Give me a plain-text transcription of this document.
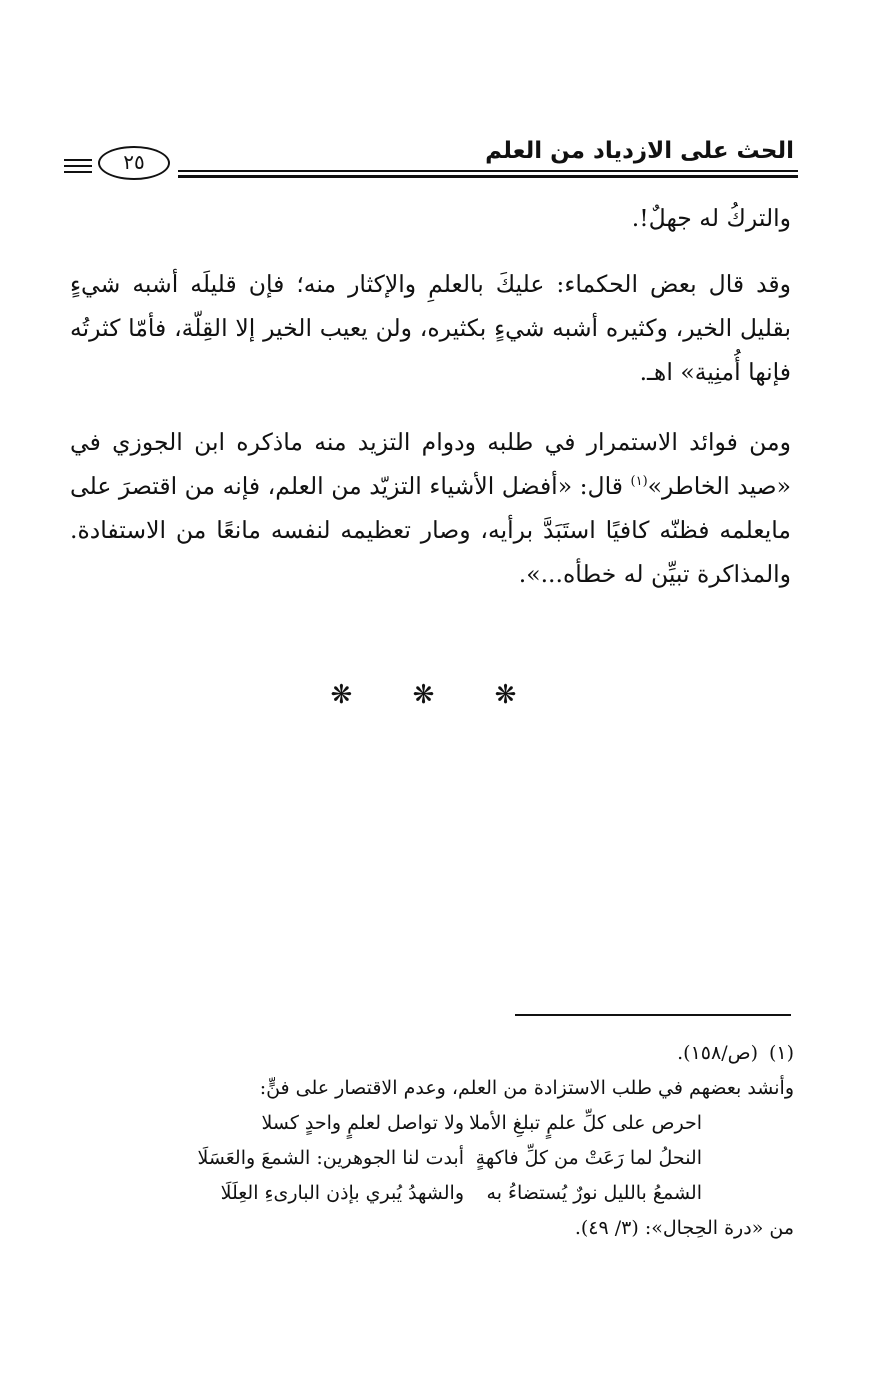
الحث على الازدياد من العلم
٢٥

والتركُ له جهلٌ!.

وقد قال بعض الحكماء: عليكَ بالعلمِ والإكثار منه؛ فإن قليلَه أشبه شيءٍ بقليل الخير، وكثيره أشبه شيءٍ بكثيره، ولن يعيب الخير إلا القِلّة، فأمّا كثرتُه فإنها أُمنِية» اهـ.

ومن فوائد الاستمرار في طلبه ودوام التزيد منه ماذكره ابن الجوزي في «صيد الخاطر»$^{(١)}$ قال: «أفضل الأشياء التزيّد من العلم، فإنه من اقتصرَ على مايعلمه فظنّه كافيًا استَبَدَّ برأيه، وصار تعظيمه لنفسه مانعًا من الاستفادة. والمذاكرة تبيِّن له خطأه...».

❋ ❋ ❋

(١)(ص/١٥٨).

وأنشد بعضهم في طلب الاستزادة من العلم، وعدم الاقتصار على فنٍّ:

احرص على كلِّ علمٍ تبلغِ الأملا
ولا تواصل لعلمٍ واحدٍ كسلا
النحلُ لما رَعَتْ من كلِّ فاكهةٍ
أبدت لنا الجوهرين: الشمعَ والعَسَلَا
الشمعُ بالليل نورٌ يُستضاءُ به
والشهدُ يُبري بإذن البارىءِ العِلَلَا

من «درة الحِجال»: (٣/ ٤٩).
